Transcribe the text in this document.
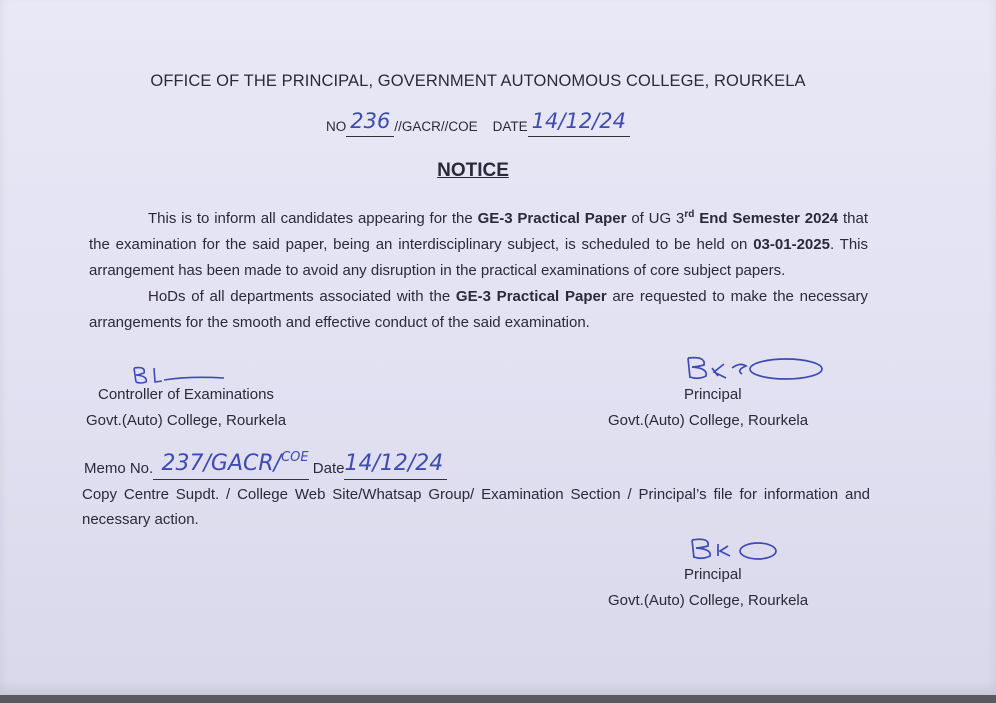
OFFICE OF THE PRINCIPAL, GOVERNMENT AUTONOMOUS COLLEGE, ROURKELA
NO 236 //GACR//COE DATE 14/12/24
NOTICE

This is to inform all candidates appearing for the GE-3 Practical Paper of UG 3rd End Semester 2024 that the examination for the said paper, being an interdisciplinary subject, is scheduled to be held on 03-01-2025. This arrangement has been made to avoid any disruption in the practical examinations of core subject papers.

HoDs of all departments associated with the GE-3 Practical Paper are requested to make the necessary arrangements for the smooth and effective conduct of the said examination.

Controller of Examinations
Govt.(Auto) College, Rourkela
Principal
Govt.(Auto) College, Rourkela
Memo No. 237/GACR/COE Date14/12/24
Copy Centre Supdt. / College Web Site/Whatsap Group/ Examination Section / Principal’s file for information and necessary action.
Principal
Govt.(Auto) College, Rourkela
